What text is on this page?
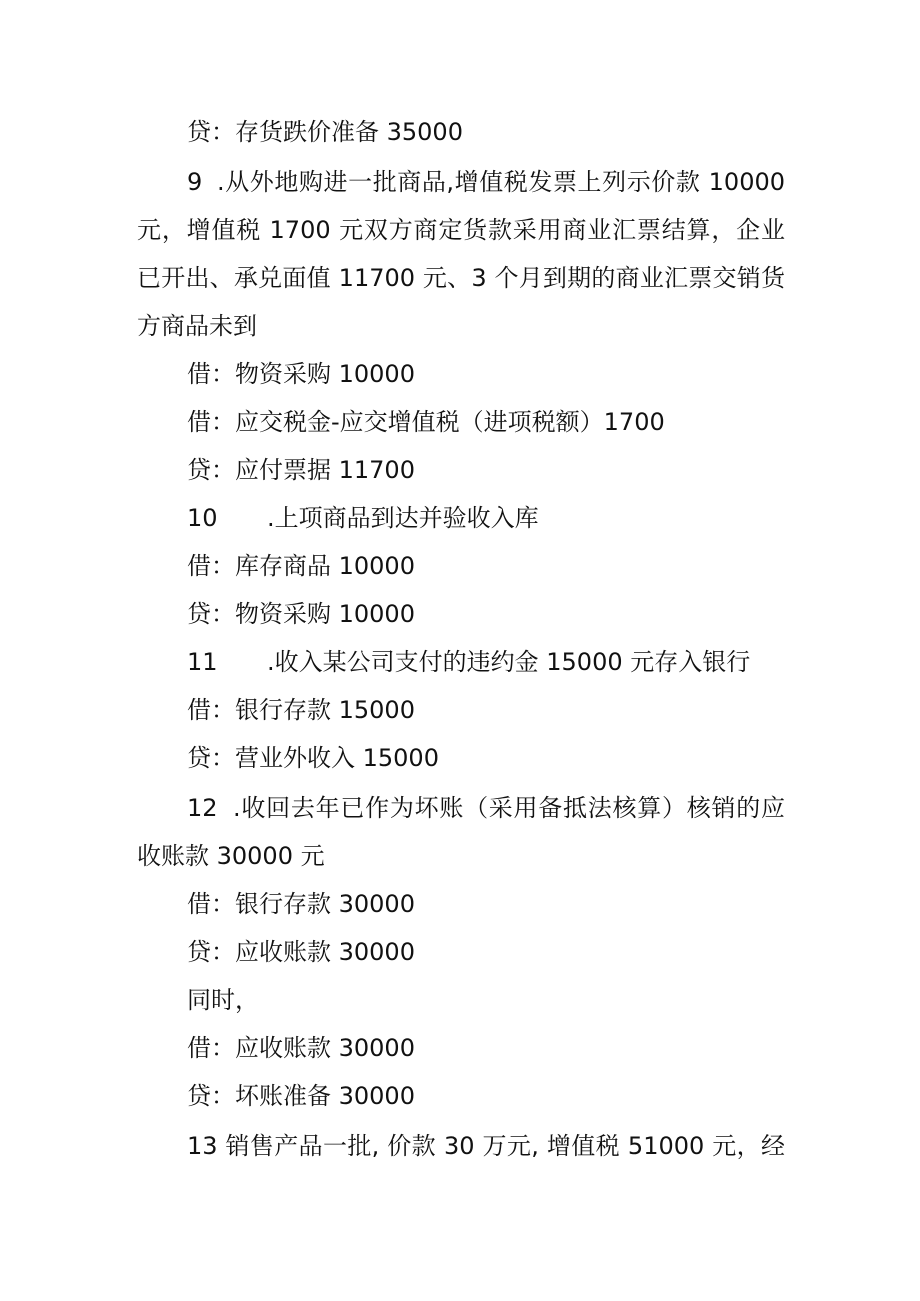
贷：存货跌价准备 35000
9 .从外地购进一批商品,增值税发票上列示价款 10000
元，增值税 1700 元双方商定货款采用商业汇票结算，企业
已开出、承兑面值 11700 元、3 个月到期的商业汇票交销货
方商品未到
借：物资采购 10000
借：应交税金-应交增值税（进项税额）1700
贷：应付票据 11700
10 .上项商品到达并验收入库
借：库存商品 10000
贷：物资采购 10000
11 .收入某公司支付的违约金 15000 元存入银行
借：银行存款 15000
贷：营业外收入 15000
12 .收回去年已作为坏账（采用备抵法核算）核销的应
收账款 30000 元
借：银行存款 30000
贷：应收账款 30000
同时，
借：应收账款 30000
贷：坏账准备 30000
13 销售产品一批, 价款 30 万元, 增值税 51000 元，经
